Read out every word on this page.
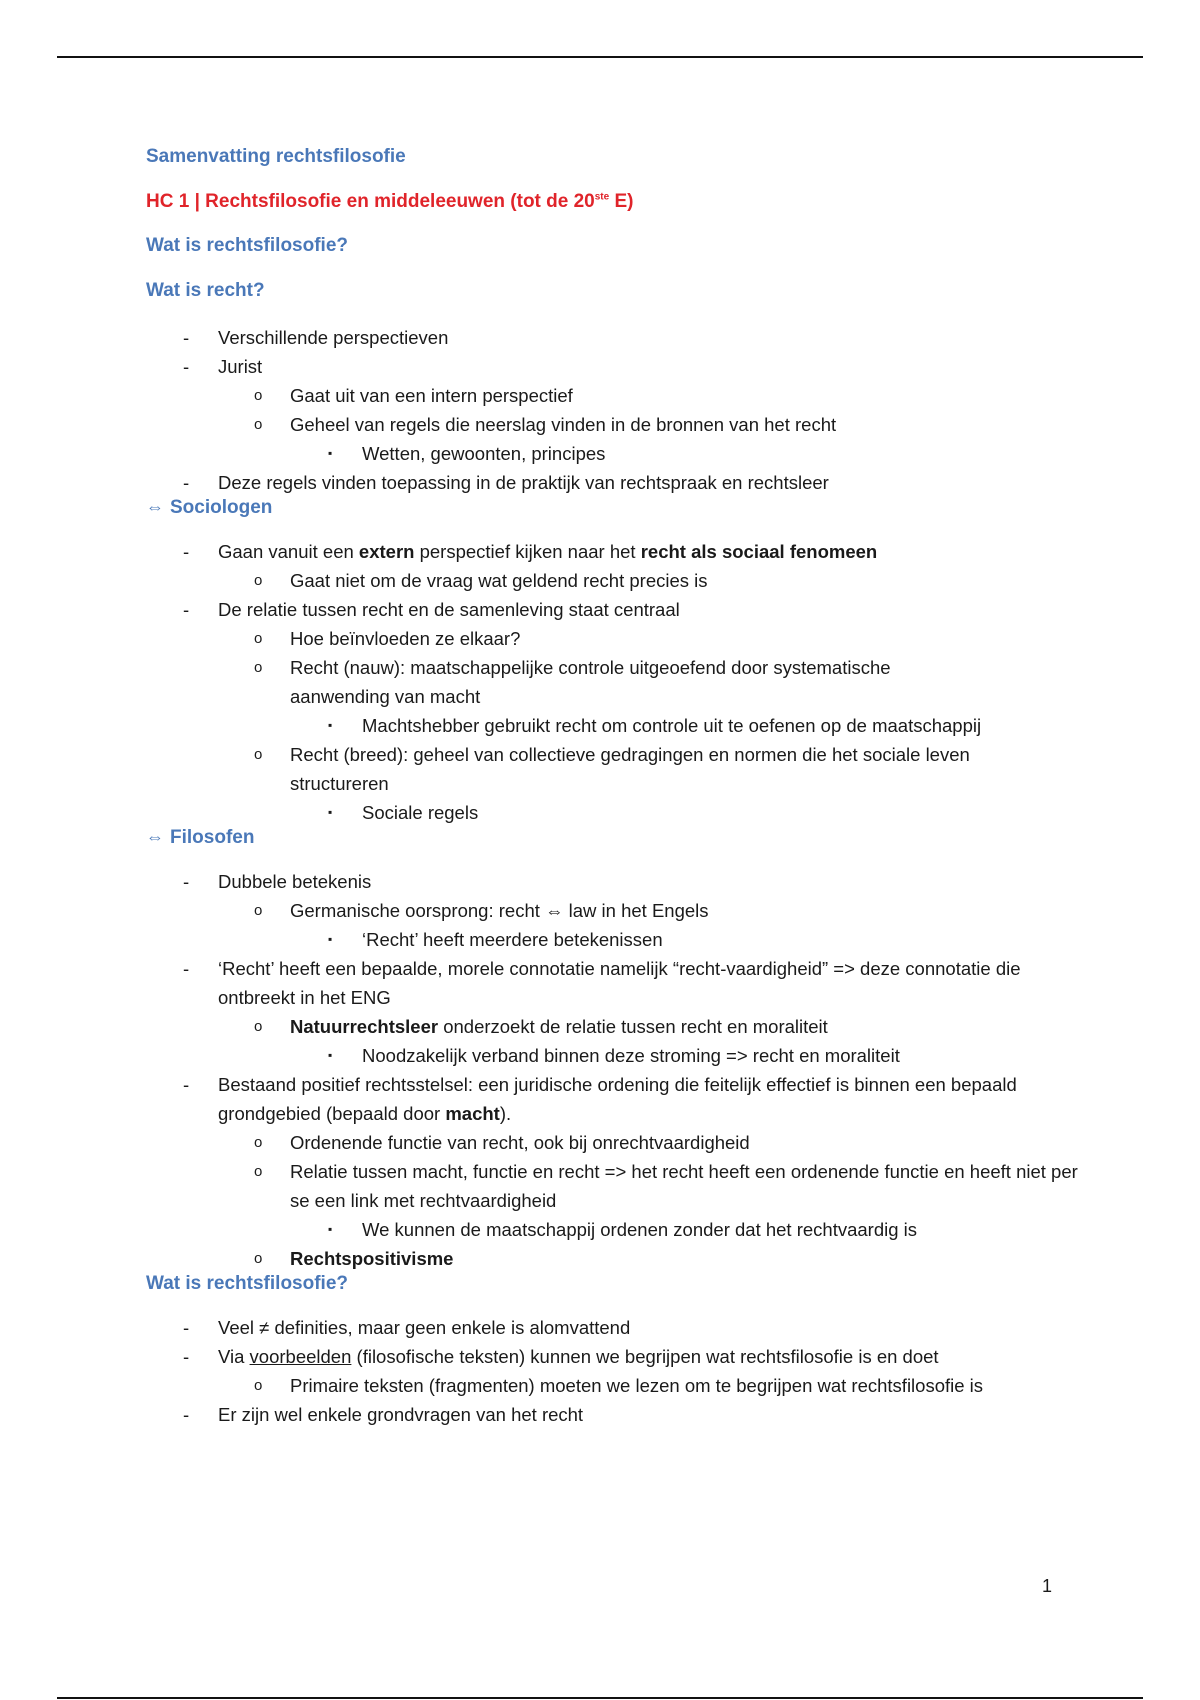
Samenvatting rechtsfilosofie
HC 1 | Rechtsfilosofie en middeleeuwen (tot de 20ste E)
Wat is rechtsfilosofie?
Wat is recht?
- Verschillende perspectieven
- Jurist
o Gaat uit van een intern perspectief
o Geheel van regels die neerslag vinden in de bronnen van het recht
▪ Wetten, gewoonten, principes
- Deze regels vinden toepassing in de praktijk van rechtspraak en rechtsleer
⇔ Sociologen
- Gaan vanuit een extern perspectief kijken naar het recht als sociaal fenomeen
o Gaat niet om de vraag wat geldend recht precies is
- De relatie tussen recht en de samenleving staat centraal
o Hoe beïnvloeden ze elkaar?
o Recht (nauw): maatschappelijke controle uitgeoefend door systematische aanwending van macht
▪ Machtshebber gebruikt recht om controle uit te oefenen op de maatschappij
o Recht (breed): geheel van collectieve gedragingen en normen die het sociale leven structureren
▪ Sociale regels
⇔ Filosofen
- Dubbele betekenis
o Germanische oorsprong: recht ⇔ law in het Engels
▪ ‘Recht’ heeft meerdere betekenissen
- ‘Recht’ heeft een bepaalde, morele connotatie namelijk “recht-vaardigheid” => deze connotatie die ontbreekt in het ENG
o Natuurrechtsleer onderzoekt de relatie tussen recht en moraliteit
▪ Noodzakelijk verband binnen deze stroming => recht en moraliteit
- Bestaand positief rechtsstelsel: een juridische ordening die feitelijk effectief is binnen een bepaald grondgebied (bepaald door macht).
o Ordenende functie van recht, ook bij onrechtvaardigheid
o Relatie tussen macht, functie en recht => het recht heeft een ordenende functie en heeft niet per se een link met rechtvaardigheid
▪ We kunnen de maatschappij ordenen zonder dat het rechtvaardig is
o Rechtspositivisme
Wat is rechtsfilosofie?
- Veel ≠ definities, maar geen enkele is alomvattend
- Via voorbeelden (filosofische teksten) kunnen we begrijpen wat rechtsfilosofie is en doet
o Primaire teksten (fragmenten) moeten we lezen om te begrijpen wat rechtsfilosofie is
- Er zijn wel enkele grondvragen van het recht
1
